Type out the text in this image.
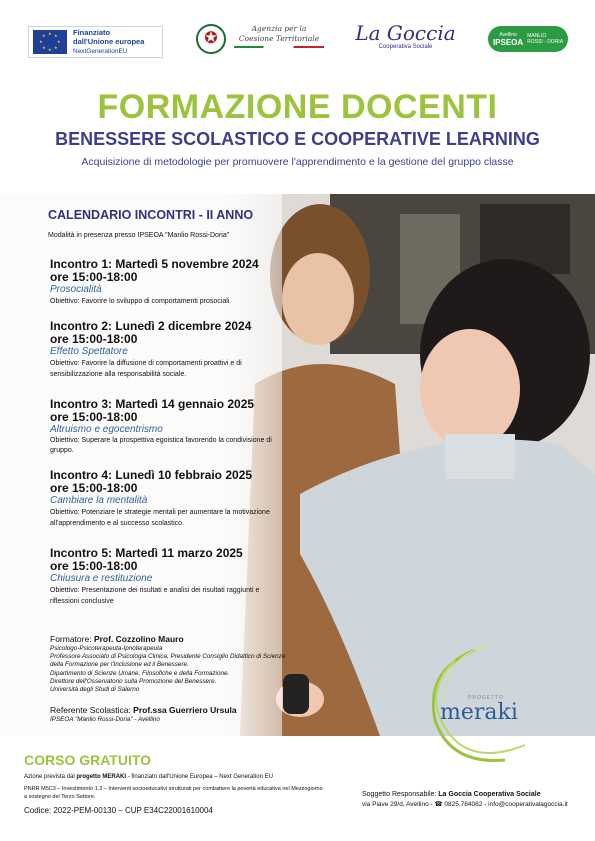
★ ★
★
★
★
★
★
★	Finanziato
dall'Unione europea
NextGenerationEU
✪
Agenzia per la
Coesione Territoriale La Goccia
Cooperativa Sociale
Avellino
IPSEOA
MANLIO
ROSSI - DORIA
FORMAZIONE DOCENTI
BENESSERE SCOLASTICO E COOPERATIVE LEARNING
Acquisizione di metodologie per promuovere l'apprendimento e la gestione del gruppo classe
CALENDARIO INCONTRI - II ANNO
Modalità in presenza presso IPSEOA "Manlio Rossi-Doria"
Incontro 1: Martedì 5 novembre 2024
ore 15:00-18:00
Prosocialità
Obiettivo: Favorire lo sviluppo di comportamenti prosociali.
Incontro 2: Lunedì 2 dicembre 2024
ore 15:00-18:00
Effetto Spettatore
Obiettivo: Favorire la diffusione di comportamenti proattivi e di sensibilizzazione alla responsabilità sociale.
Incontro 3: Martedì 14 gennaio 2025
ore 15:00-18:00
Altruismo e egocentrismo
Obiettivo: Superare la prospettiva egoistica favorendo la condivisione di gruppo.
Incontro 4: Lunedì 10 febbraio 2025
ore 15:00-18:00
Cambiare la mentalità
Obiettivo: Potenziare le strategie mentali per aumentare la motivazione all'apprendimento e al successo scolastico.
Incontro 5: Martedì 11 marzo 2025
ore 15:00-18:00
Chiusura e restituzione
Obiettivo: Presentazione dei risultati e analisi dei risultati raggiunti e riflessioni conclusive
Formatore: Prof. Cozzolino Mauro
Psicologo-Psicoterapeuta-Ipnoterapeuta
Professore Associato di Psicologia Clinica, Presidente Consiglio Didattico di Scienze della Formazione per l'Inclusione ed il Benessere.
Dipartimento di Scienze Umane, Filosofiche e della Formazione.
Direttore dell'Osservatorio sulla Promozione del Benessere.
Università degli Studi di Salerno
Referente Scolastica: Prof.ssa Guerriero Ursula
IPSEOA "Manlio Rossi-Doria" - Avellino
PROGETTO
meraki
CORSO GRATUITO
Azione prevista dal progetto MERAKI - finanziato dall'Unione Europea – Next Generation EU
PNRR M5C3 – Investimento 1.3 – Interventi socioeducativi strutturati per combattere la povertà educativa nel Mezzogiorno a sostegno del Terzo Settore.
Codice: 2022-PEM-00130 – CUP E34C22001610004
Soggetto Responsabile: La Goccia Cooperativa Sociale
via Piave 29/d, Avellino - ☎ 0825.784082 - info@cooperativalagoccia.it
